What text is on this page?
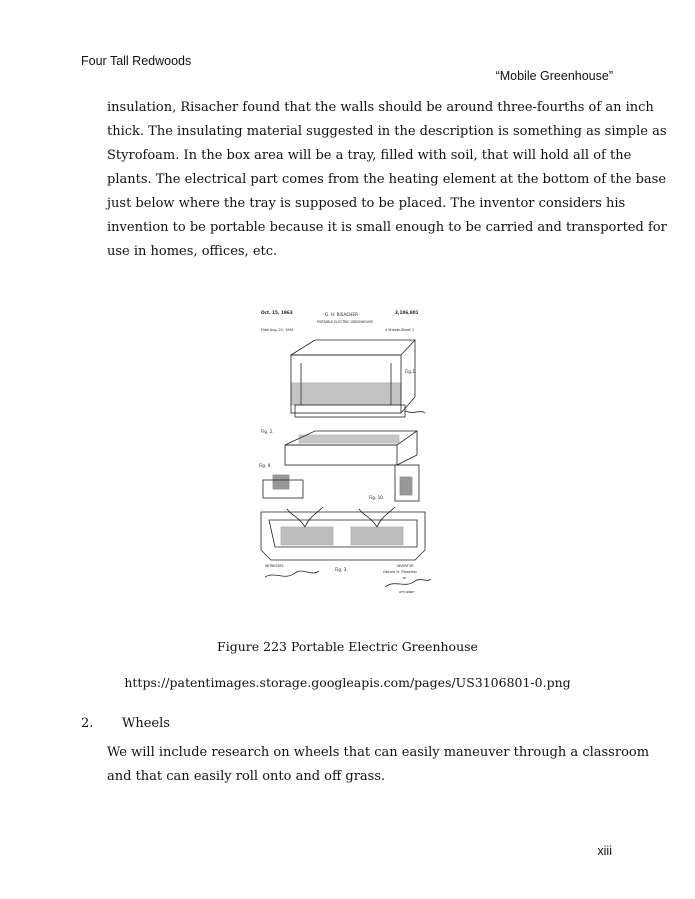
Four Tall Redwoods
“Mobile Greenhouse”
insulation, Risacher found that the walls should be around three-fourths of an inch
thick. The insulating material suggested in the description is something as simple as
Styrofoam. In the box area will be a tray, filled with soil, that will hold all of the
plants. The electrical part comes from the heating element at the bottom of the base
just below where the tray is supposed to be placed. The inventor considers his
invention to be portable because it is small enough to be carried and transported for
use in homes, offices, etc.
Oct. 15, 1963	G. H. RISACHER	3,106,801
PORTABLE ELECTRIC GREENHOUSE
Filed Aug. 22, 1961	4 Sheets-Sheet 1
Fig.1.
Fig. 2.
Fig. 9.
Fig. 10.
Fig. 3.
WITNESSES	INVENTOR
Gerard H. Risacher
BY
ATTORNEY
Figure 223 Portable Electric Greenhouse
https://patentimages.storage.googleapis.com/pages/US3106801-0.png
2. Wheels
We will include research on wheels that can easily maneuver through a classroom
and that can easily roll onto and off grass.
xiii
